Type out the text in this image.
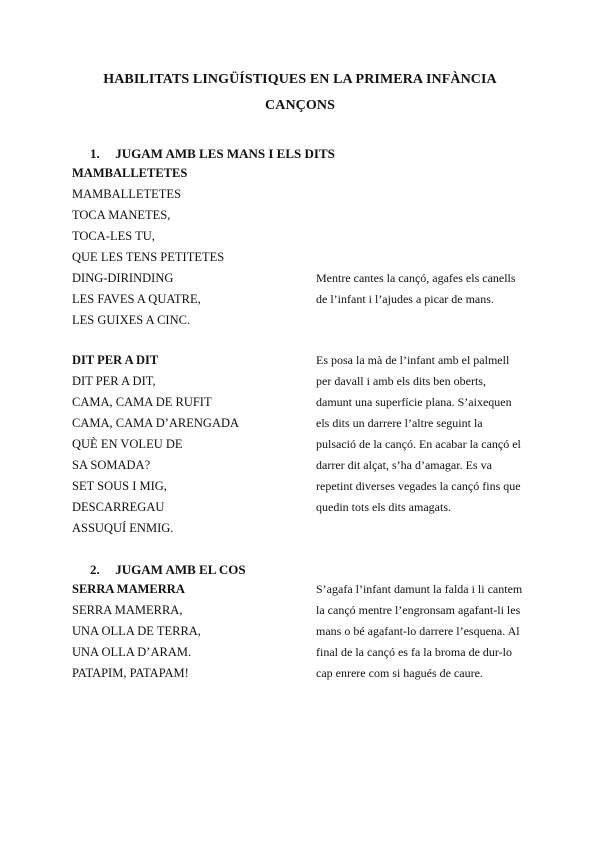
HABILITATS LINGÜÍSTIQUES EN LA PRIMERA INFÀNCIA
CANÇONS
1. JUGAM AMB LES MANS I ELS DITS
MAMBALLETETES
MAMBALLETETES
TOCA MANETES,
TOCA-LES TU,
QUE LES TENS PETITETES
DING-DIRINDING
LES FAVES A QUATRE,
LES GUIXES A CINC.
Mentre cantes la cançó, agafes els canells
de l’infant i l’ajudes a picar de mans.
DIT PER A DIT
DIT PER A DIT,
CAMA, CAMA DE RUFIT
CAMA, CAMA D’ARENGADA
QUÈ EN VOLEU DE
SA SOMADA?
SET SOUS I MIG,
DESCARREGAU
ASSUQUÍ ENMIG.
Es posa la mà de l’infant amb el palmell
per davall i amb els dits ben oberts,
damunt una superfície plana. S’aixequen
els dits un darrere l’altre seguint la
pulsació de la cançó. En acabar la cançó el
darrer dit alçat, s’ha d’amagar. Es va
repetint diverses vegades la cançó fins que
quedin tots els dits amagats.
2. JUGAM AMB EL COS
SERRA MAMERRA
SERRA MAMERRA,
UNA OLLA DE TERRA,
UNA OLLA D’ARAM.
PATAPIM, PATAPAM!
S’agafa l’infant damunt la falda i li cantem
la cançó mentre l’engronsam agafant-li les
mans o bé agafant-lo darrere l’esquena. Al
final de la cançó es fa la broma de dur-lo
cap enrere com si hagués de caure.
